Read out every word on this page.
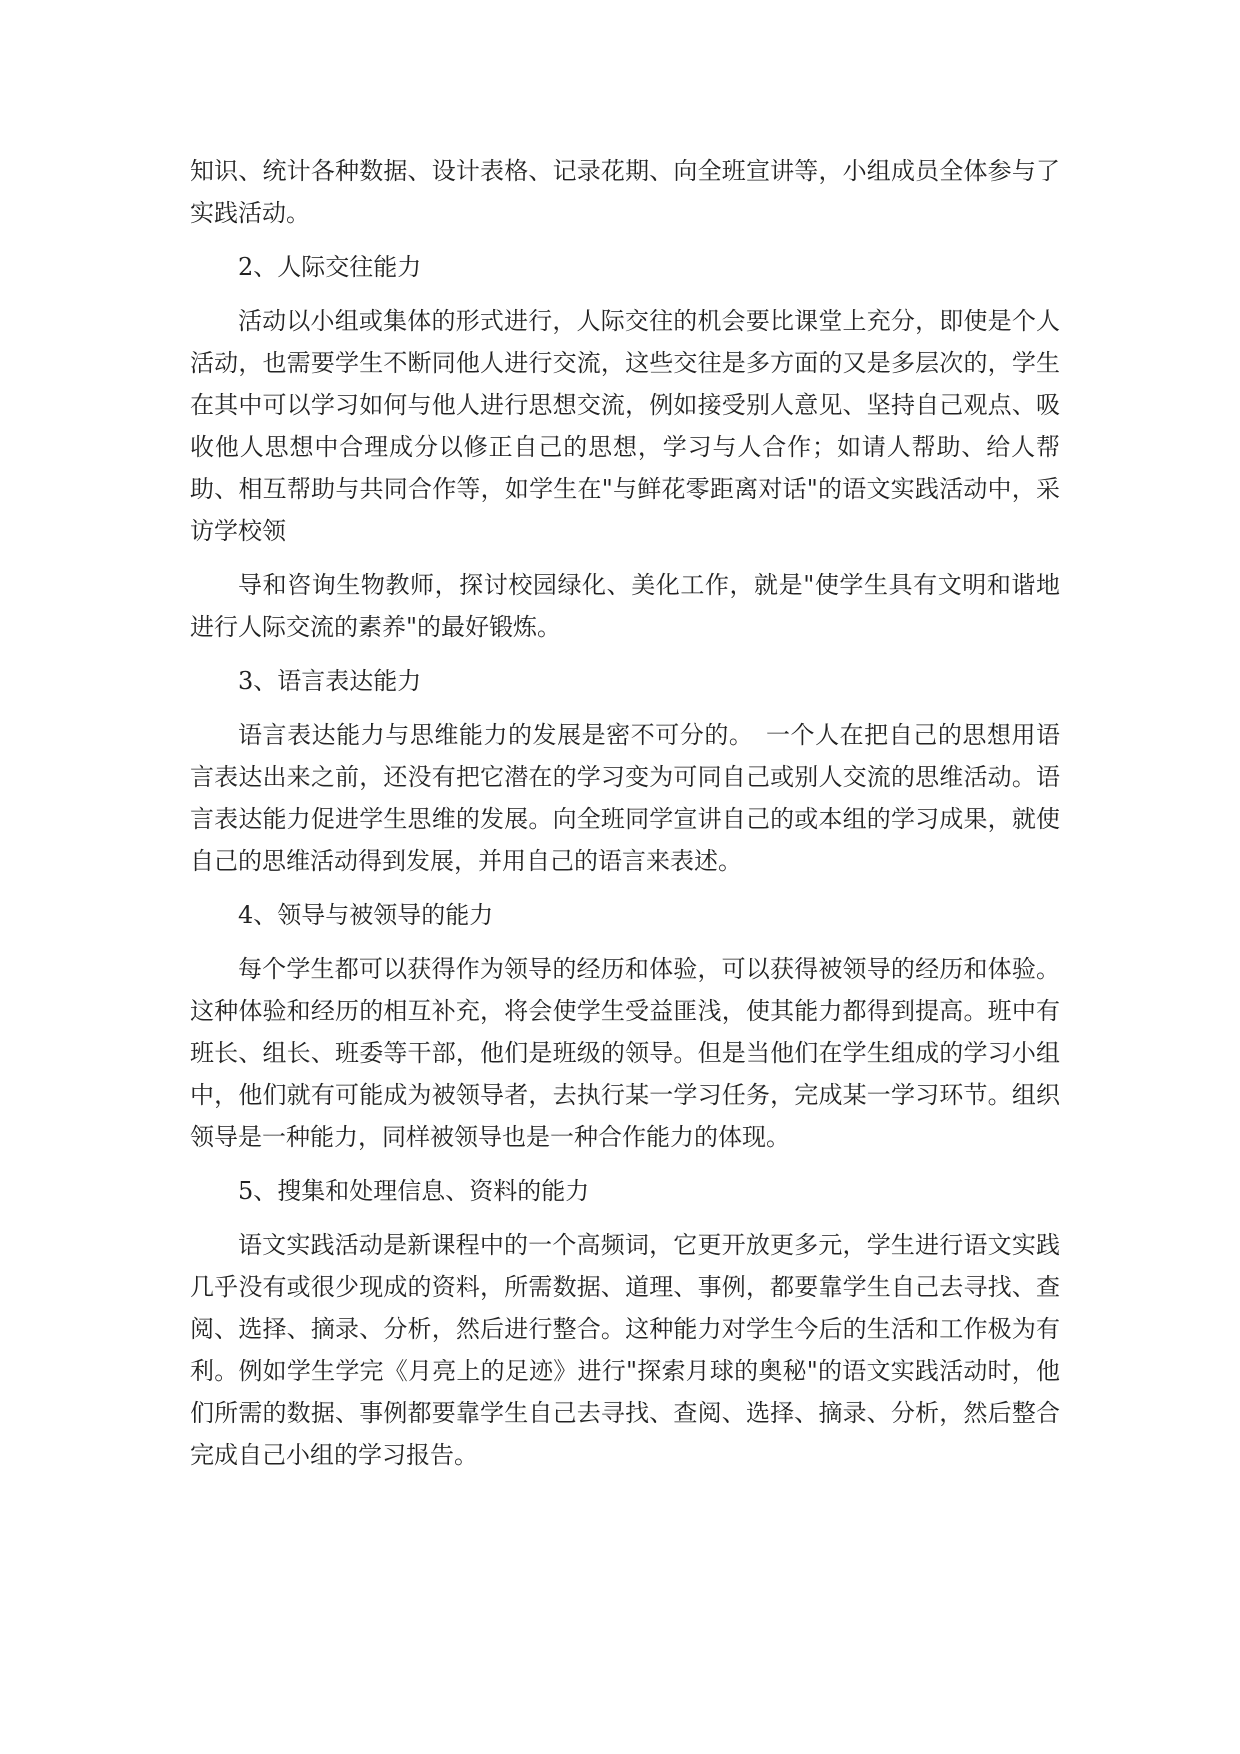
知识、统计各种数据、设计表格、记录花期、向全班宣讲等，小组成员全体参与了实践活动。

2、人际交往能力

活动以小组或集体的形式进行，人际交往的机会要比课堂上充分，即使是个人活动，也需要学生不断同他人进行交流，这些交往是多方面的又是多层次的，学生在其中可以学习如何与他人进行思想交流，例如接受别人意见、坚持自己观点、吸收他人思想中合理成分以修正自己的思想，学习与人合作；如请人帮助、给人帮助、相互帮助与共同合作等，如学生在"与鲜花零距离对话"的语文实践活动中，采访学校领

导和咨询生物教师，探讨校园绿化、美化工作，就是"使学生具有文明和谐地进行人际交流的素养"的最好锻炼。

3、语言表达能力

语言表达能力与思维能力的发展是密不可分的。　一个人在把自己的思想用语言表达出来之前，还没有把它潜在的学习变为可同自己或别人交流的思维活动。语言表达能力促进学生思维的发展。向全班同学宣讲自己的或本组的学习成果，就使自己的思维活动得到发展，并用自己的语言来表述。

4、领导与被领导的能力

每个学生都可以获得作为领导的经历和体验，可以获得被领导的经历和体验。 这种体验和经历的相互补充，将会使学生受益匪浅，使其能力都得到提高。班中有班长、组长、班委等干部，他们是班级的领导。但是当他们在学生组成的学习小组中，他们就有可能成为被领导者，去执行某一学习任务，完成某一学习环节。组织领导是一种能力，同样被领导也是一种合作能力的体现。

5、搜集和处理信息、资料的能力

语文实践活动是新课程中的一个高频词，它更开放更多元，学生进行语文实践几乎没有或很少现成的资料，所需数据、道理、事例，都要靠学生自己去寻找、查阅、选择、摘录、分析，然后进行整合。这种能力对学生今后的生活和工作极为有利。例如学生学完《月亮上的足迹》进行"探索月球的奥秘"的语文实践活动时，他们所需的数据、事例都要靠学生自己去寻找、查阅、选择、摘录、分析，然后整合完成自己小组的学习报告。
